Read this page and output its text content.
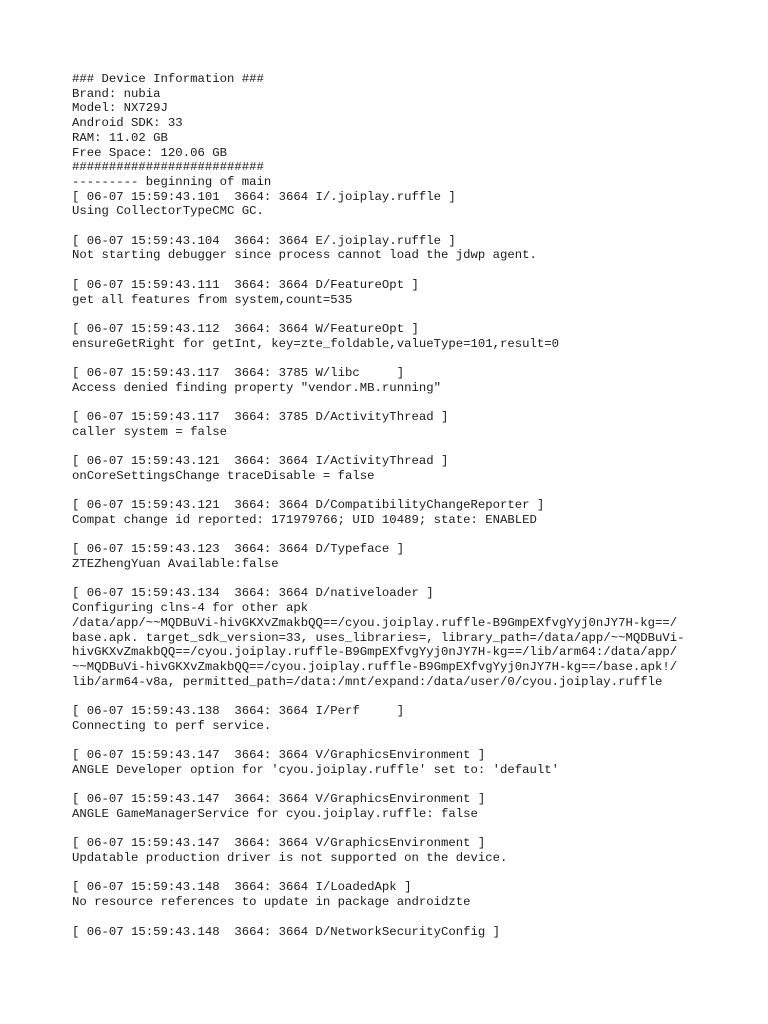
### Device Information ###
Brand: nubia
Model: NX729J
Android SDK: 33
RAM: 11.02 GB
Free Space: 120.06 GB
##########################
--------- beginning of main
[ 06-07 15:59:43.101  3664: 3664 I/.joiplay.ruffle ]
Using CollectorTypeCMC GC.
[ 06-07 15:59:43.104  3664: 3664 E/.joiplay.ruffle ]
Not starting debugger since process cannot load the jdwp agent.
[ 06-07 15:59:43.111  3664: 3664 D/FeatureOpt ]
get all features from system,count=535
[ 06-07 15:59:43.112  3664: 3664 W/FeatureOpt ]
ensureGetRight for getInt, key=zte_foldable,valueType=101,result=0
[ 06-07 15:59:43.117  3664: 3785 W/libc     ]
Access denied finding property "vendor.MB.running"
[ 06-07 15:59:43.117  3664: 3785 D/ActivityThread ]
caller system = false
[ 06-07 15:59:43.121  3664: 3664 I/ActivityThread ]
onCoreSettingsChange traceDisable = false
[ 06-07 15:59:43.121  3664: 3664 D/CompatibilityChangeReporter ]
Compat change id reported: 171979766; UID 10489; state: ENABLED
[ 06-07 15:59:43.123  3664: 3664 D/Typeface ]
ZTEZhengYuan Available:false
[ 06-07 15:59:43.134  3664: 3664 D/nativeloader ]
Configuring clns-4 for other apk
/data/app/~~MQDBuVi-hivGKXvZmakbQQ==/cyou.joiplay.ruffle-B9GmpEXfvgYyj0nJY7H-kg==/
base.apk. target_sdk_version=33, uses_libraries=, library_path=/data/app/~~MQDBuVi-
hivGKXvZmakbQQ==/cyou.joiplay.ruffle-B9GmpEXfvgYyj0nJY7H-kg==/lib/arm64:/data/app/
~~MQDBuVi-hivGKXvZmakbQQ==/cyou.joiplay.ruffle-B9GmpEXfvgYyj0nJY7H-kg==/base.apk!/
lib/arm64-v8a, permitted_path=/data:/mnt/expand:/data/user/0/cyou.joiplay.ruffle
[ 06-07 15:59:43.138  3664: 3664 I/Perf     ]
Connecting to perf service.
[ 06-07 15:59:43.147  3664: 3664 V/GraphicsEnvironment ]
ANGLE Developer option for 'cyou.joiplay.ruffle' set to: 'default'
[ 06-07 15:59:43.147  3664: 3664 V/GraphicsEnvironment ]
ANGLE GameManagerService for cyou.joiplay.ruffle: false
[ 06-07 15:59:43.147  3664: 3664 V/GraphicsEnvironment ]
Updatable production driver is not supported on the device.
[ 06-07 15:59:43.148  3664: 3664 I/LoadedApk ]
No resource references to update in package androidzte
[ 06-07 15:59:43.148  3664: 3664 D/NetworkSecurityConfig ]
